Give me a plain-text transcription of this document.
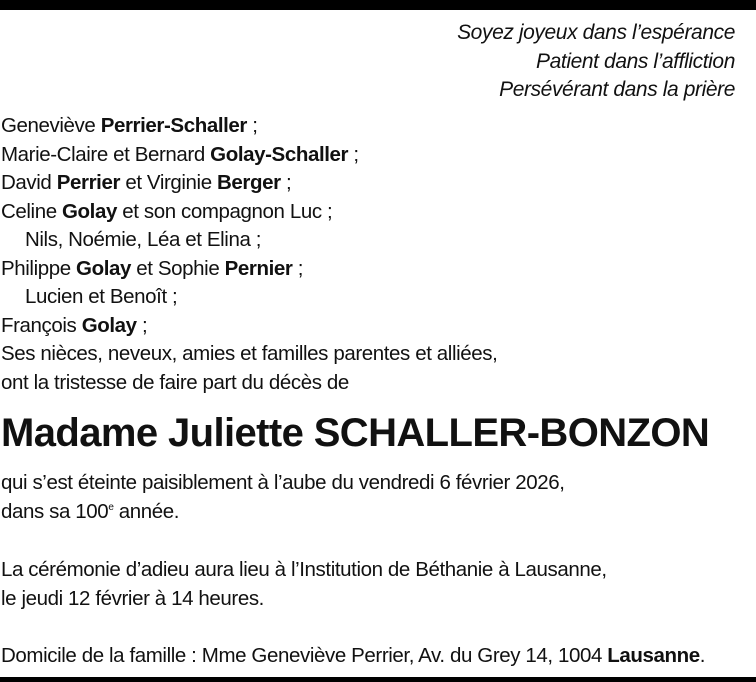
Soyez joyeux dans l’espérance
Patient dans l’affliction
Persévérant dans la prière
Geneviève Perrier-Schaller ;
Marie-Claire et Bernard Golay-Schaller ;
David Perrier et Virginie Berger ;
Celine Golay et son compagnon Luc ;
Nils, Noémie, Léa et Elina ;
Philippe Golay et Sophie Pernier ;
Lucien et Benoît ;
François Golay ;
Ses nièces, neveux, amies et familles parentes et alliées,
ont la tristesse de faire part du décès de
Madame Juliette SCHALLER-BONZON
qui s’est éteinte paisiblement à l’aube du vendredi 6 février 2026,
dans sa 100e année.
La cérémonie d’adieu aura lieu à l’Institution de Béthanie à Lausanne,
le jeudi 12 février à 14 heures.
Domicile de la famille : Mme Geneviève Perrier, Av. du Grey 14, 1004 Lausanne.
